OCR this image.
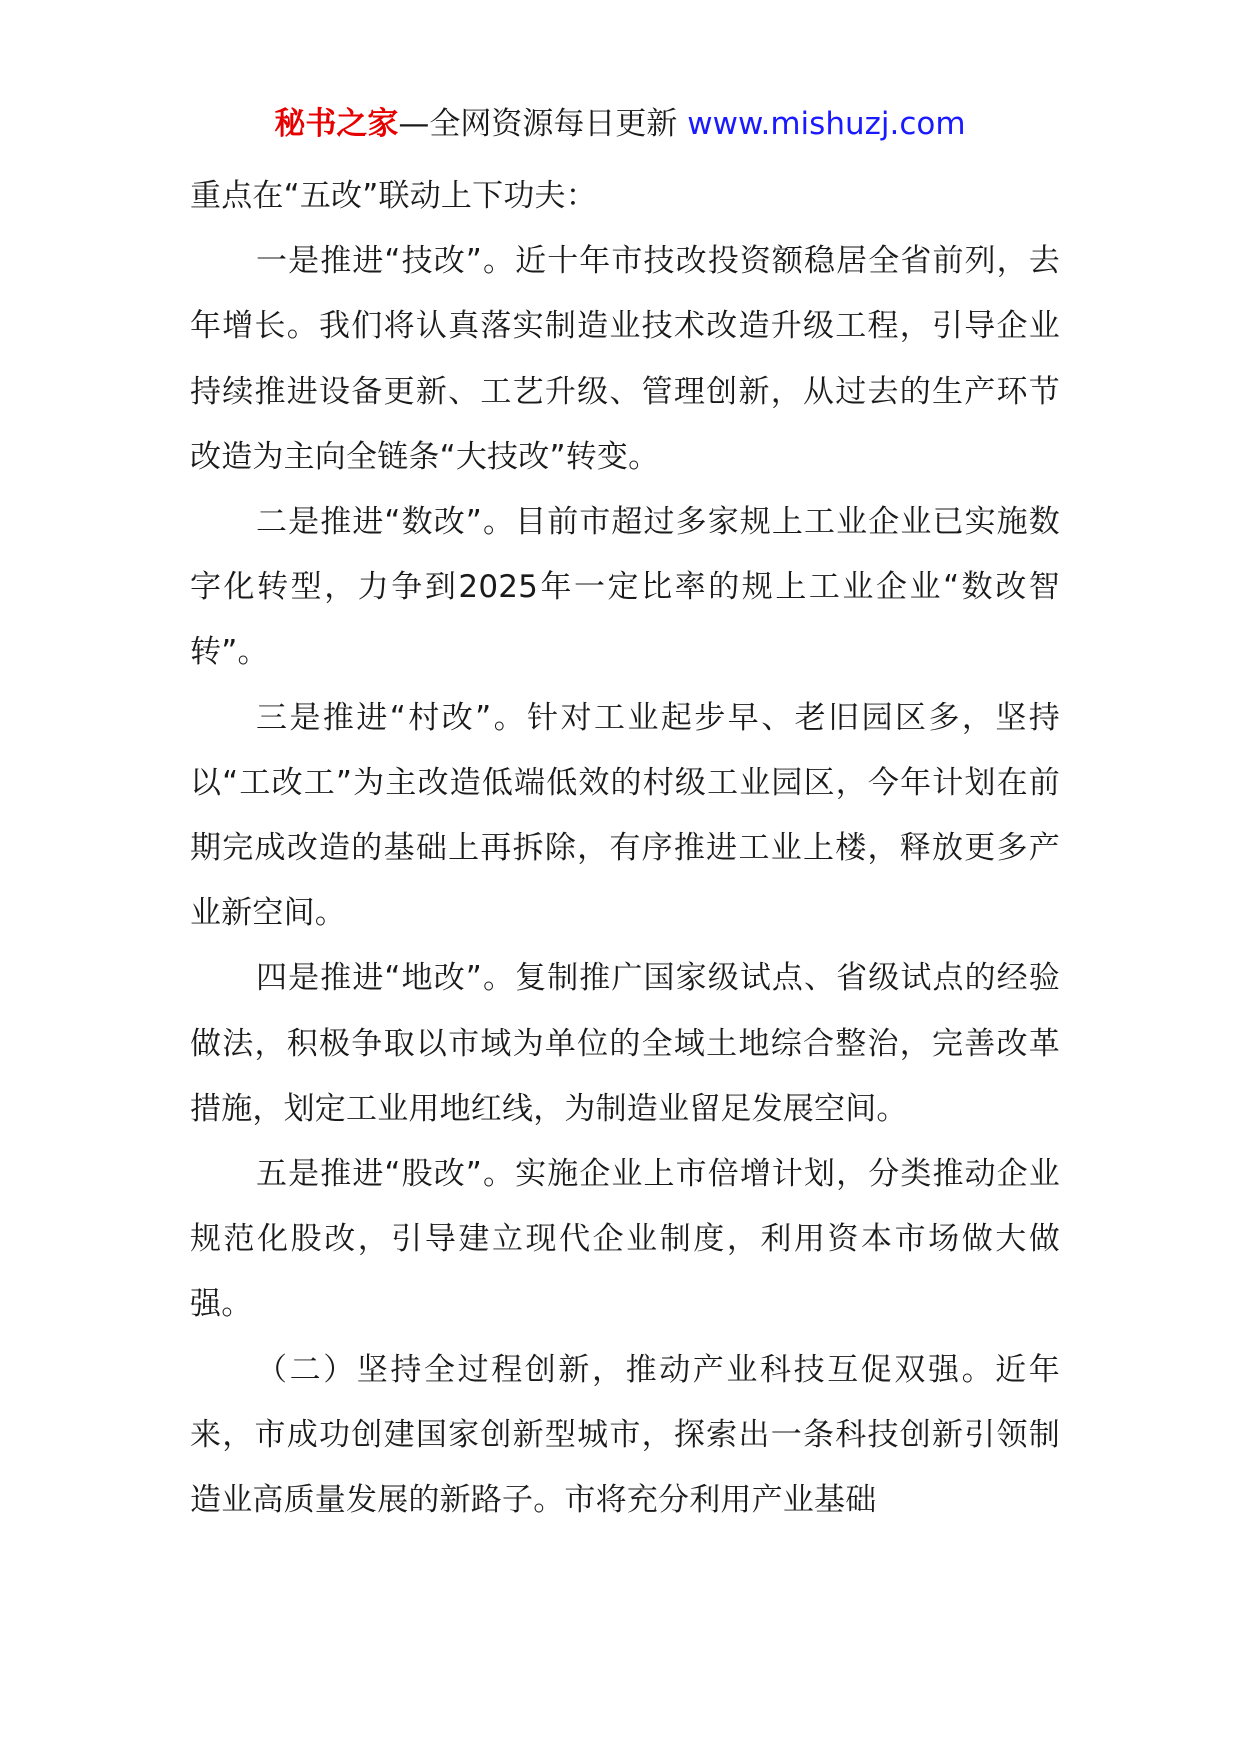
秘书之家—全网资源每日更新 www.mishuzj.com

重点在“五改”联动上下功夫：

一是推进“技改”。近十年市技改投资额稳居全省前列，去年增长。我们将认真落实制造业技术改造升级工程，引导企业持续推进设备更新、工艺升级、管理创新，从过去的生产环节改造为主向全链条“大技改”转变。

二是推进“数改”。目前市超过多家规上工业企业已实施数字化转型，力争到2025年一定比率的规上工业企业“数改智转”。

三是推进“村改”。针对工业起步早、老旧园区多，坚持以“工改工”为主改造低端低效的村级工业园区，今年计划在前期完成改造的基础上再拆除，有序推进工业上楼，释放更多产业新空间。

四是推进“地改”。复制推广国家级试点、省级试点的经验做法，积极争取以市域为单位的全域土地综合整治，完善改革措施，划定工业用地红线，为制造业留足发展空间。

五是推进“股改”。实施企业上市倍增计划，分类推动企业规范化股改，引导建立现代企业制度，利用资本市场做大做强。

（二）坚持全过程创新，推动产业科技互促双强。近年来，市成功创建国家创新型城市，探索出一条科技创新引领制造业高质量发展的新路子。市将充分利用产业基础
